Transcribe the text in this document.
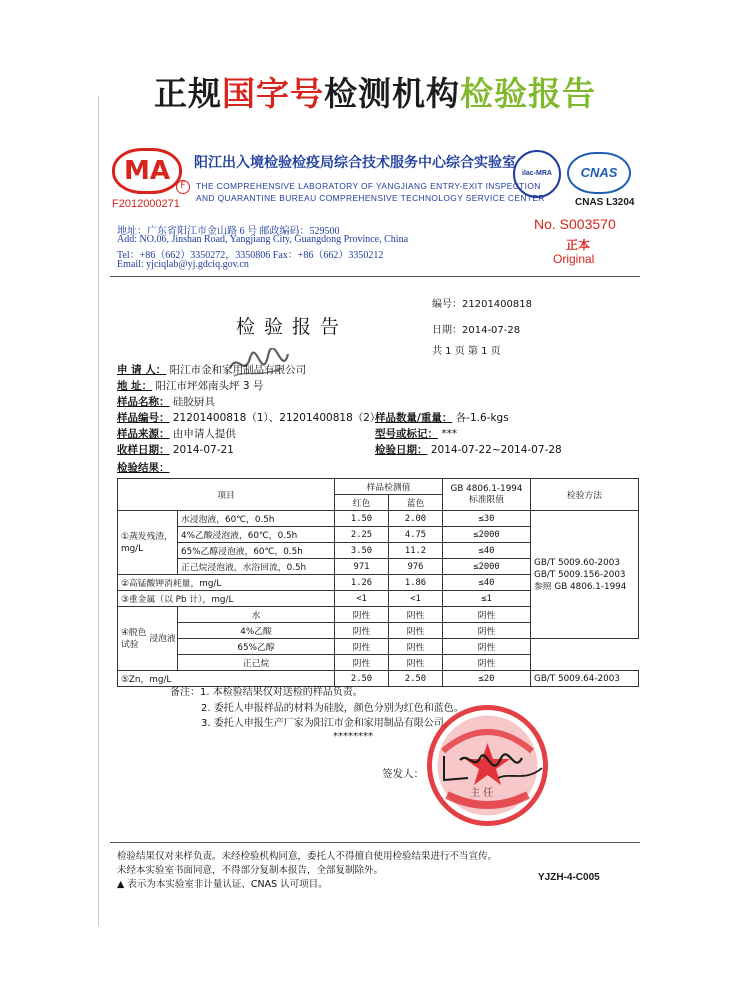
正规国字号检测机构检验报告
MA	F
F2012000271
阳江出入境检验检疫局综合技术服务中心综合实验室
THE COMPREHENSIVE LABORATORY OF YANGJIANG ENTRY-EXIT INSPECTION
AND QUARANTINE BUREAU COMPREHENSIVE TECHNOLOGY SERVICE CENTER
ilac-MRA	CNAS
CNAS L3204
地址：广东省阳江市金山路 6 号 邮政编码：529500
Add: NO.06, Jinshan Road, Yangjiang City, Guangdong Province, China
Tel：+86（662）3350272，3350806 Fax：+86（662）3350212
Email: yjciqlab@yj.gdciq.gov.cn
No. S003570
正本
Original
检验报告
编号：21201400818
日期：2014-07-28
共 1 页 第 1 页
申 请 人： 阳江市金和家用制品有限公司
地 址： 阳江市坪郊南头坪 3 号
样品名称： 硅胶厨具
样品编号： 21201400818（1）、21201400818（2）
样品数量/重量： 各-1.6-kgs
样品来源： 由申请人提供	型号或标记： ***
收样日期： 2014-07-21	检验日期： 2014-07-22~2014-07-28
检验结果：
项目		样品检测值		GB 4806.1-1994 标准限值	检验方法
		红色	蓝色		
①蒸发残渣，mg/L	水浸泡液，60℃，0.5h	1.50	2.00	≤30	GB/T 5009.60-2003
GB/T 5009.156-2003
参照 GB 4806.1-1994

	4%乙酸浸泡液，60℃，0.5h	2.25	4.75	≤2000	
	65%乙醇浸泡液，60℃，0.5h	3.50	11.2	≤40	
	正己烷浸泡液，水浴回流，0.5h	971	976	≤2000	
②高锰酸钾消耗量，mg/L		1.26	1.86	≤40	
③重金属（以 Pb 计），mg/L		<1	<1	≤1	

④脱色试验
浸泡液	水	阴性	阴性	阴性	
	4%乙酸	阴性	阴性	阴性	
	65%乙醇	阴性	阴性	阴性	
	正己烷	阴性	阴性	阴性	
⑤Zn，mg/L		2.50	2.50	≤20	GB/T 5009.64-2003
备注：1. 本检验结果仅对送检的样品负责。
2. 委托人申报样品的材料为硅胶，颜色分别为红色和蓝色。
3. 委托人申报生产厂家为阳江市金和家用制品有限公司。
********
签发人：
主 任
检验结果仅对来样负责。未经检验机构同意，委托人不得擅自使用检验结果进行不当宣传。
未经本实验室书面同意，不得部分复制本报告，全部复制除外。
▲ 表示为本实验室非计量认证、CNAS 认可项目。
YJZH-4-C005
